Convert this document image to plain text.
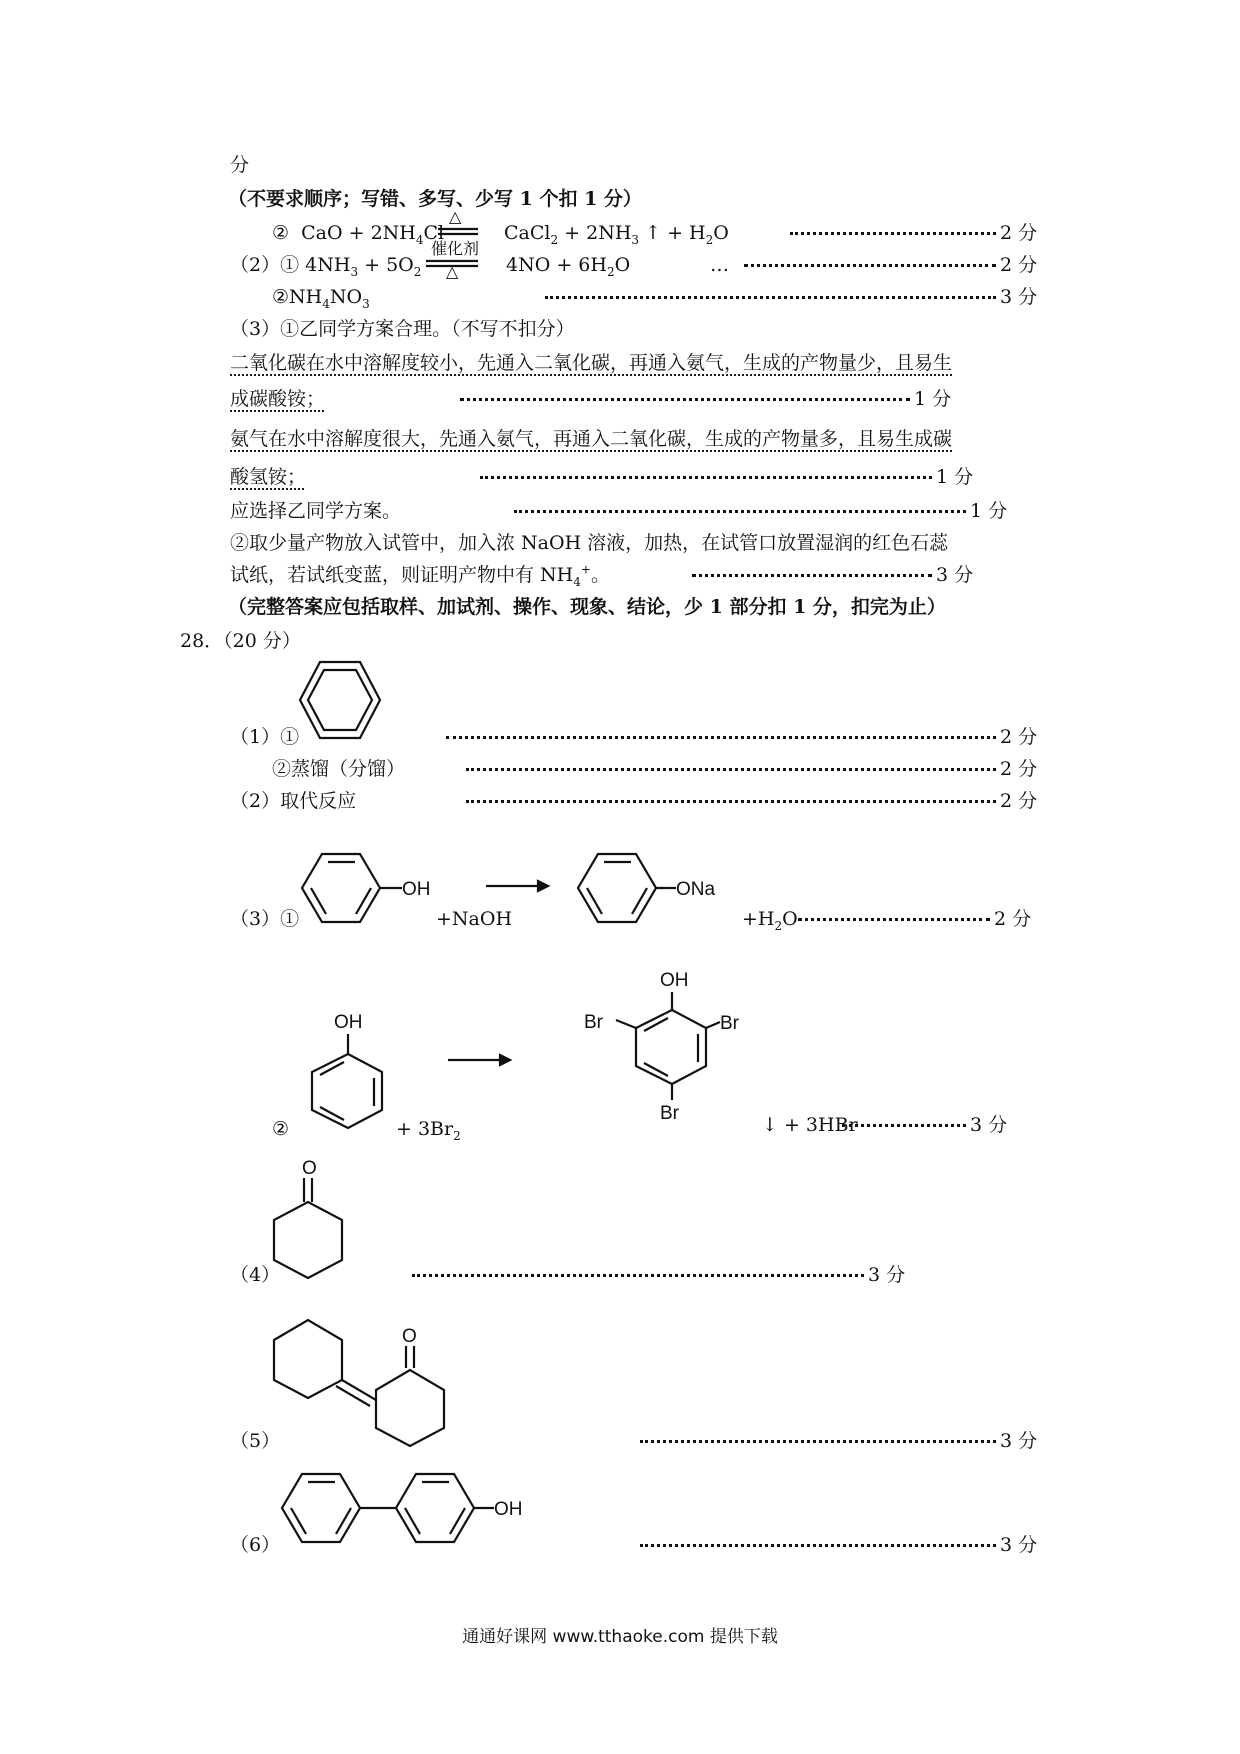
分
（不要求顺序；写错、多写、少写 1 个扣 1 分）
② CaO + $2NH_4Cl$
△
CaCl$_2$ + $2NH_3$ ↑ + $H_2O$	2 分
（2）① $4NH_3 + 5O_2$
催化剂
△	$4NO + 6H_2O$	…	2 分
$②NH_4NO_3$	3 分
（3）①乙同学方案合理。（不写不扣分）
二氧化碳在水中溶解度较小，先通入二氧化碳，再通入氨气，生成的产物量少，且易生
成碳酸铵；	1 分
氨气在水中溶解度很大，先通入氨气，再通入二氧化碳，生成的产物量多，且易生成碳
酸氢铵；	1 分
应选择乙同学方案。	1 分
②取少量产物放入试管中，加入浓 NaOH 溶液，加热，在试管口放置湿润的红色石蕊
试纸，若试纸变蓝，则证明产物中有 $NH_4^+$。	3 分
（完整答案应包括取样、加试剂、操作、现象、结论，少 1 部分扣 1 分，扣完为止）
28．（20 分）
（1）①	2 分
②蒸馏（分馏）	2 分
（2）取代反应	2 分
（3）①
OH
+NaOH
ONa
$+H_2O$	2 分
②
OH
+ $3Br_2$
OH
Br	Br
Br
↓ + 3HBr	3 分
O
（4）	3 分
O
（5）	3 分
OH
（6）	3 分
通通好课网 www.tthaoke.com 提供下载
